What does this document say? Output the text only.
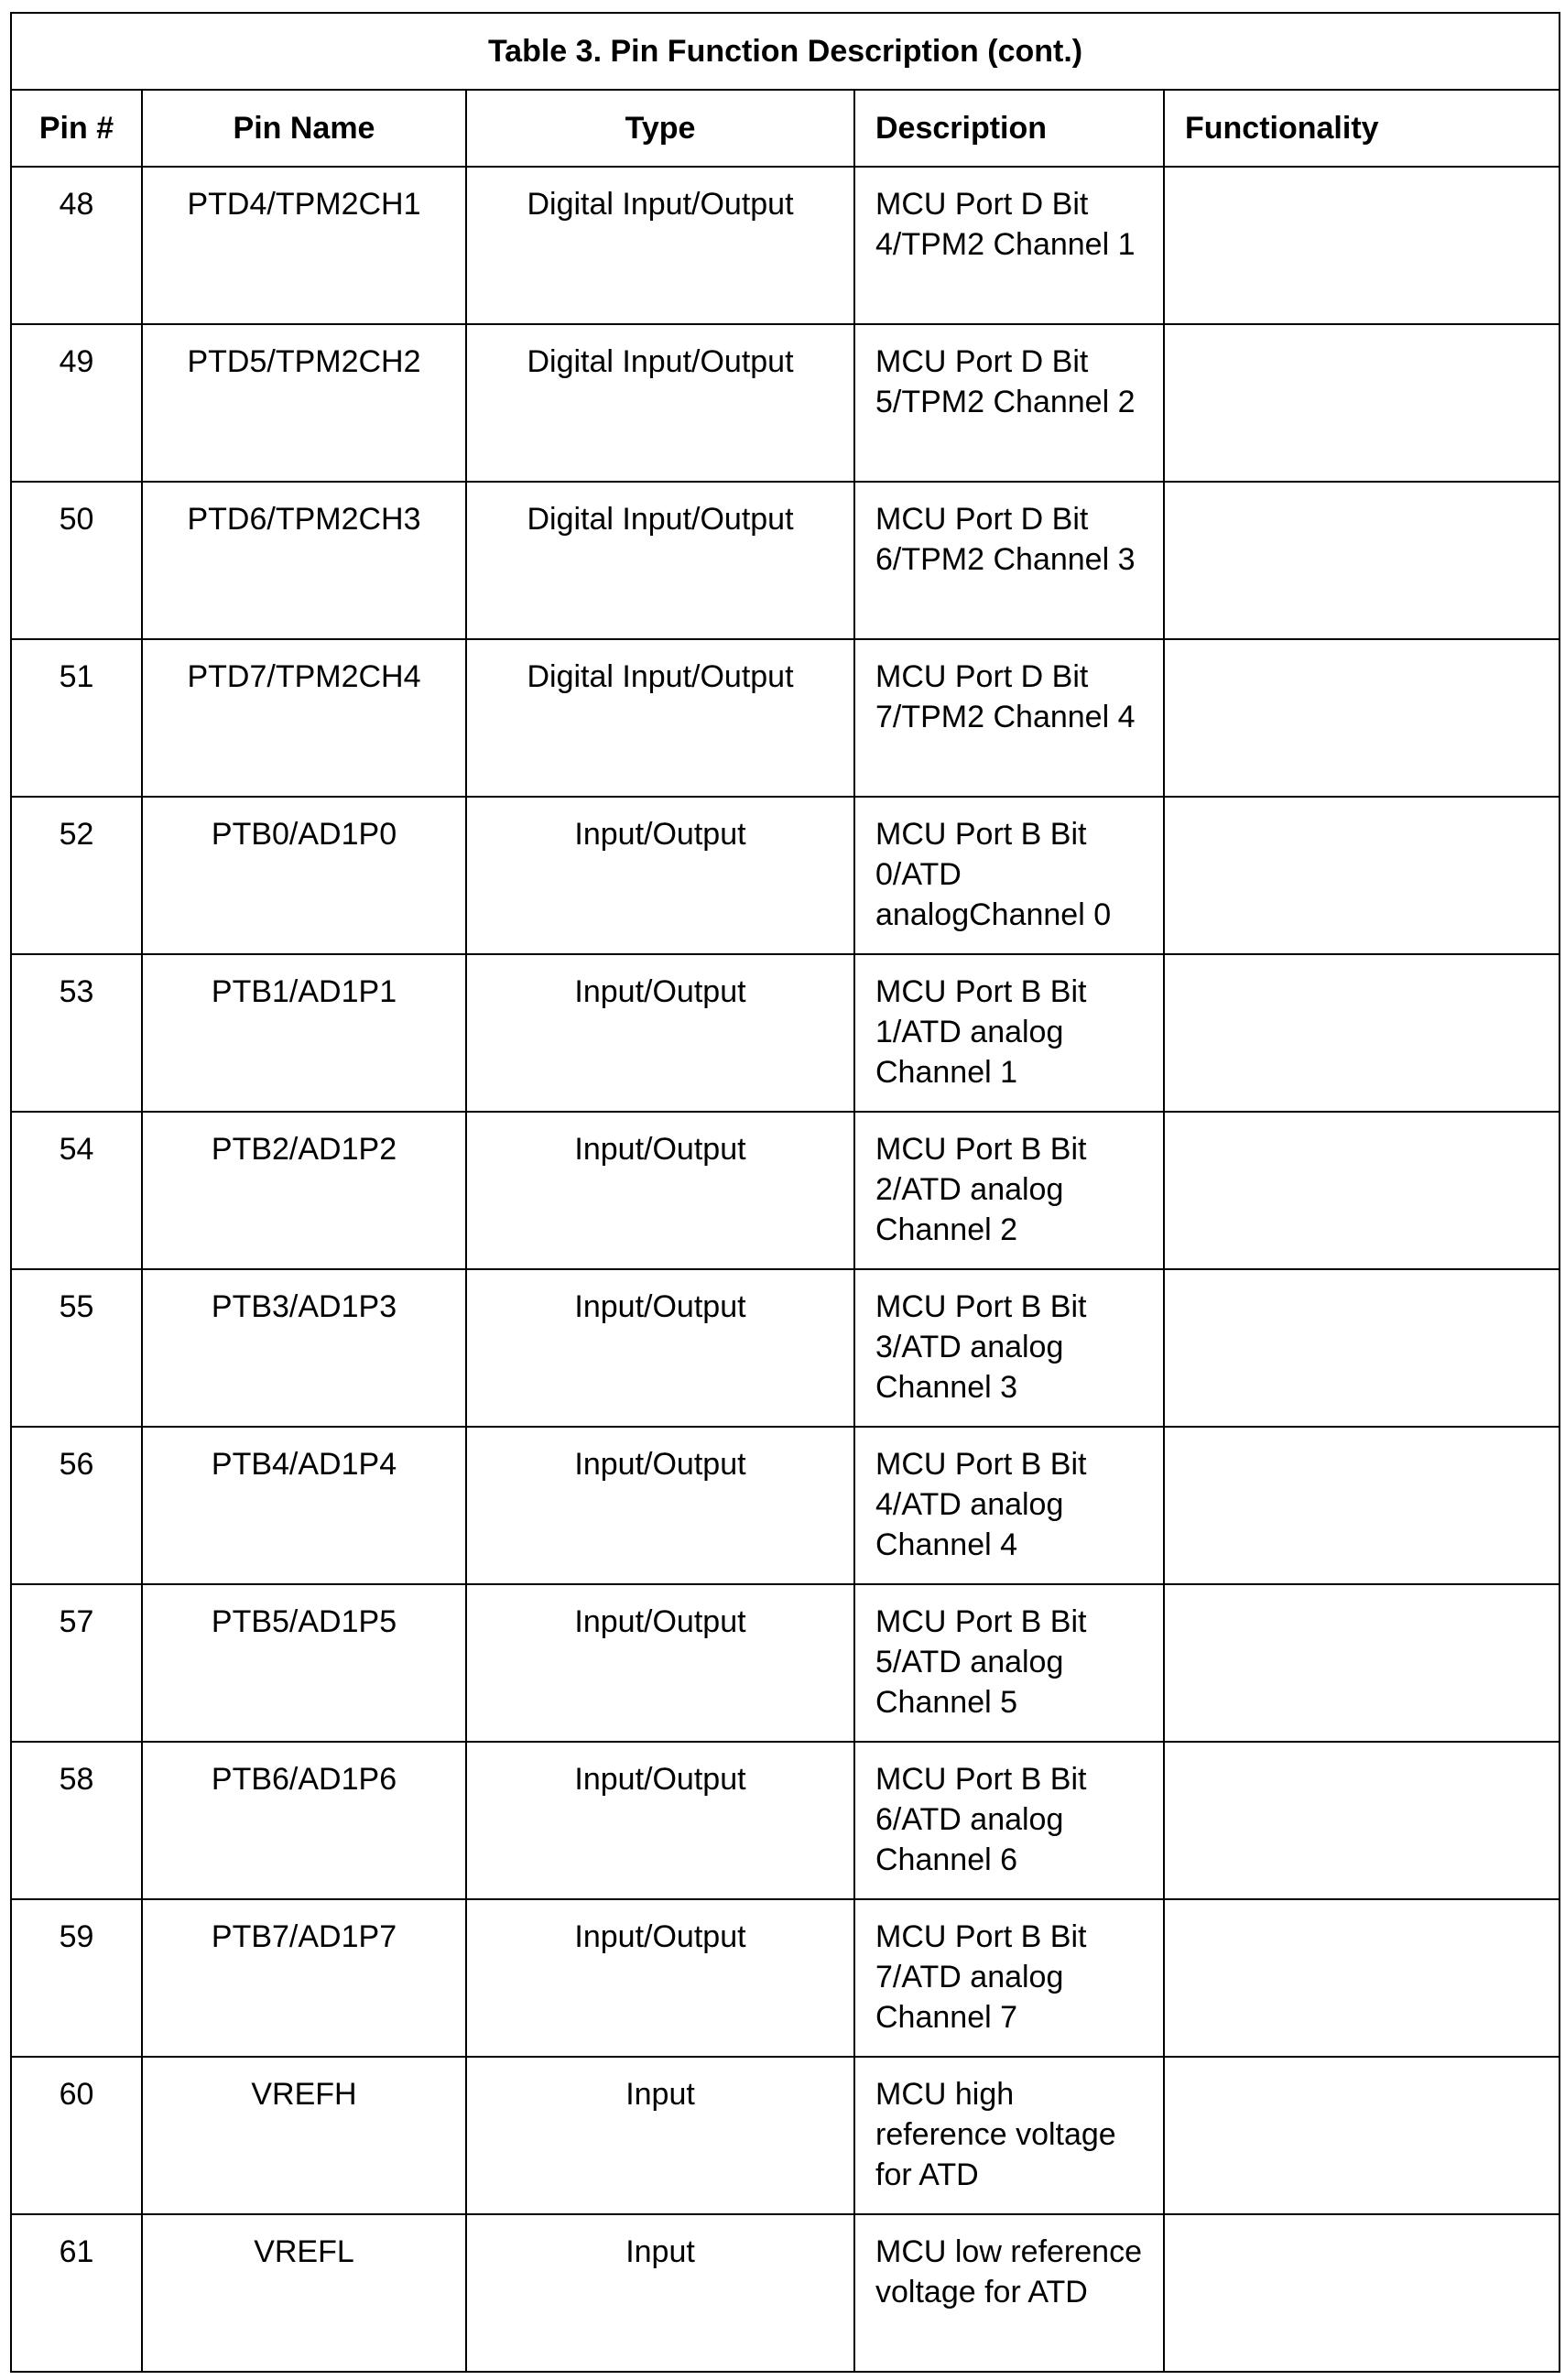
Table 3. Pin Function Description (cont.)
Pin #	Pin Name	Type	Description	Functionality
48	PTD4/TPM2CH1	Digital Input/Output	MCU Port D Bit 4/TPM2 Channel 1	
49	PTD5/TPM2CH2	Digital Input/Output	MCU Port D Bit 5/TPM2 Channel 2	
50	PTD6/TPM2CH3	Digital Input/Output	MCU Port D Bit 6/TPM2 Channel 3	
51	PTD7/TPM2CH4	Digital Input/Output	MCU Port D Bit 7/TPM2 Channel 4	
52	PTB0/AD1P0	Input/Output	MCU Port B Bit 0/ATD analogChannel 0	
53	PTB1/AD1P1	Input/Output	MCU Port B Bit 1/ATD analog Channel 1	
54	PTB2/AD1P2	Input/Output	MCU Port B Bit 2/ATD analog Channel 2	
55	PTB3/AD1P3	Input/Output	MCU Port B Bit 3/ATD analog Channel 3	
56	PTB4/AD1P4	Input/Output	MCU Port B Bit 4/ATD analog Channel 4	
57	PTB5/AD1P5	Input/Output	MCU Port B Bit 5/ATD analog Channel 5	
58	PTB6/AD1P6	Input/Output	MCU Port B Bit 6/ATD analog Channel 6	
59	PTB7/AD1P7	Input/Output	MCU Port B Bit 7/ATD analog Channel 7	
60	VREFH	Input	MCU high reference voltage for ATD	
61	VREFL	Input	MCU low reference voltage for ATD	
